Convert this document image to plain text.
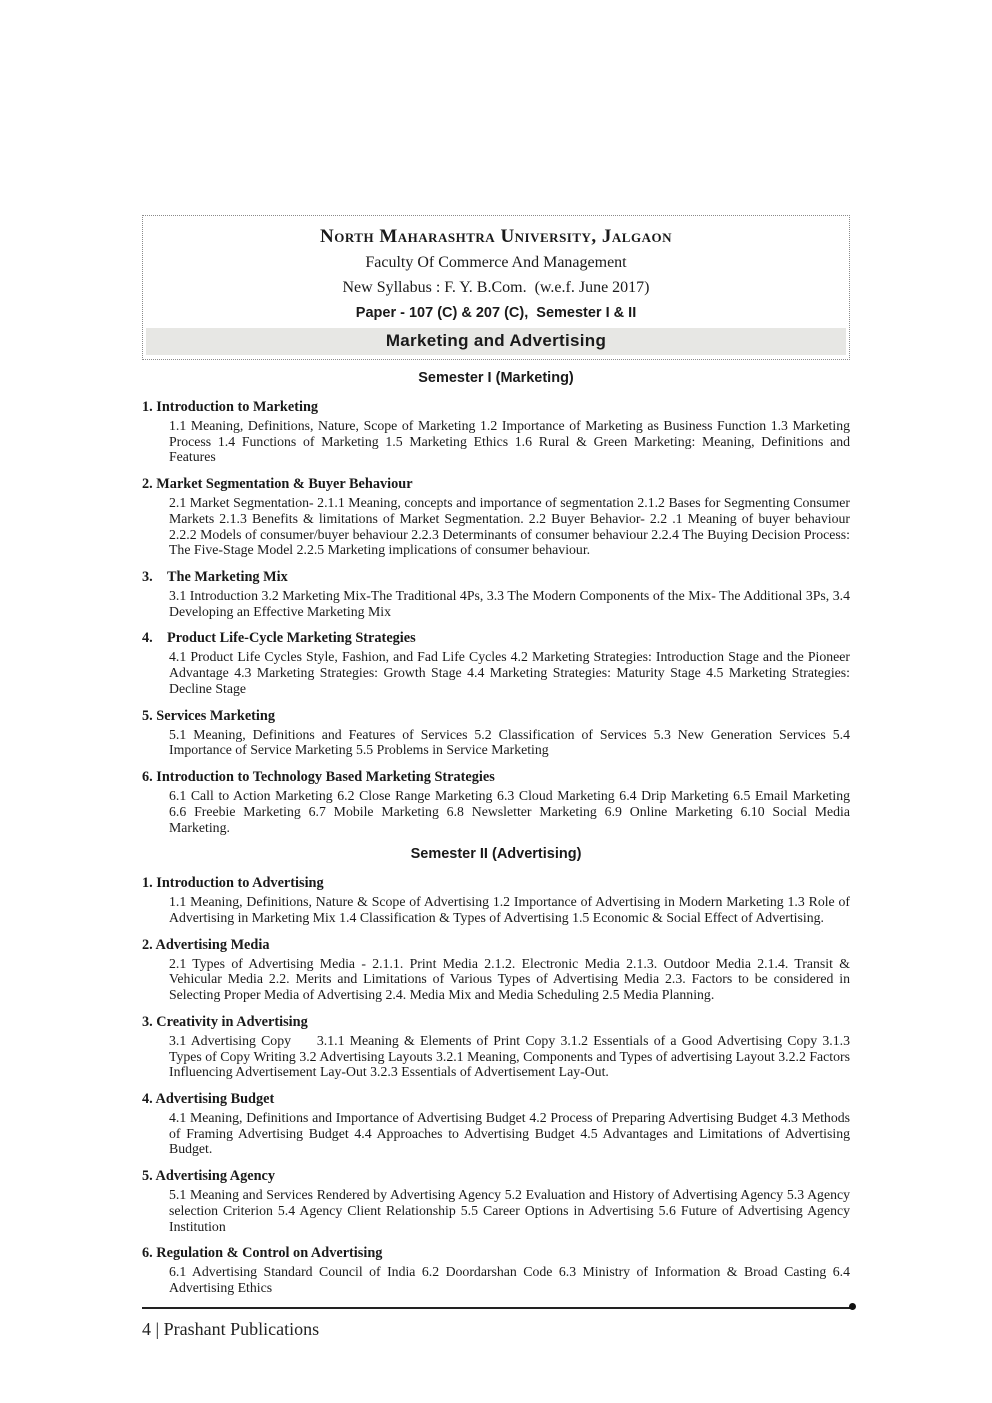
North Maharashtra University, Jalgaon
Faculty Of Commerce And Management
New Syllabus : F. Y. B.Com.  (w.e.f. June 2017)
Paper - 107 (C) & 207 (C),  Semester I & II
Marketing and Advertising
Semester I (Marketing)
1. Introduction to Marketing

1.1 Meaning, Definitions, Nature, Scope of Marketing 1.2 Importance of Marketing as Business Function 1.3 Marketing Process 1.4 Functions of Marketing 1.5 Marketing Ethics 1.6 Rural & Green Marketing: Meaning, Definitions and Features

2. Market Segmentation & Buyer Behaviour

2.1 Market Segmentation- 2.1.1 Meaning, concepts and importance of segmentation 2.1.2 Bases for Segmenting Consumer Markets 2.1.3 Benefits & limitations of Market Segmentation. 2.2 Buyer Behavior- 2.2 .1 Meaning of buyer behaviour 2.2.2 Models of consumer/buyer behaviour 2.2.3 Determinants of consumer behaviour 2.2.4 The Buying Decision Process: The Five-Stage Model 2.2.5 Marketing implications of consumer behaviour.

3. The Marketing Mix

3.1 Introduction 3.2 Marketing Mix-The Traditional 4Ps, 3.3 The Modern Components of the Mix- The Additional 3Ps, 3.4 Developing an Effective Marketing Mix

4. Product Life-Cycle Marketing Strategies

4.1 Product Life Cycles Style, Fashion, and Fad Life Cycles 4.2 Marketing Strategies: Introduction Stage and the Pioneer Advantage 4.3 Marketing Strategies: Growth Stage 4.4 Marketing Strategies: Maturity Stage 4.5 Marketing Strategies: Decline Stage

5. Services Marketing

5.1 Meaning, Definitions and Features of Services 5.2 Classification of Services 5.3 New Generation Services 5.4 Importance of Service Marketing 5.5 Problems in Service Marketing

6. Introduction to Technology Based Marketing Strategies

6.1 Call to Action Marketing 6.2 Close Range Marketing 6.3 Cloud Marketing 6.4 Drip Marketing 6.5 Email Marketing 6.6 Freebie Marketing 6.7 Mobile Marketing 6.8 Newsletter Marketing 6.9 Online Marketing 6.10 Social Media Marketing.

Semester II (Advertising)
1. Introduction to Advertising

1.1 Meaning, Definitions, Nature & Scope of Advertising 1.2 Importance of Advertising in Modern Marketing 1.3 Role of Advertising in Marketing Mix 1.4 Classification & Types of Advertising 1.5 Economic & Social Effect of Advertising.

2. Advertising Media

2.1 Types of Advertising Media - 2.1.1. Print Media 2.1.2. Electronic Media 2.1.3. Outdoor Media 2.1.4. Transit & Vehicular Media 2.2. Merits and Limitations of Various Types of Advertising Media 2.3. Factors to be considered in Selecting Proper Media of Advertising 2.4. Media Mix and Media Scheduling 2.5 Media Planning.

3. Creativity in Advertising

3.1 Advertising Copy   3.1.1 Meaning & Elements of Print Copy 3.1.2 Essentials of a Good Advertising Copy 3.1.3 Types of Copy Writing 3.2 Advertising Layouts 3.2.1 Meaning, Components and Types of advertising Layout 3.2.2 Factors Influencing Advertisement Lay-Out 3.2.3 Essentials of Advertisement Lay-Out.

4. Advertising Budget

4.1 Meaning, Definitions and Importance of Advertising Budget 4.2 Process of Preparing Advertising Budget 4.3 Methods of Framing Advertising Budget 4.4 Approaches to Advertising Budget 4.5 Advantages and Limitations of Advertising Budget.

5. Advertising Agency

5.1 Meaning and Services Rendered by Advertising Agency 5.2 Evaluation and History of Advertising Agency 5.3 Agency selection Criterion 5.4 Agency Client Relationship 5.5 Career Options in Advertising 5.6 Future of Advertising Agency Institution

6. Regulation & Control on Advertising

6.1 Advertising Standard Council of India 6.2 Doordarshan Code 6.3 Ministry of Information & Broad Casting 6.4 Advertising Ethics

4 | Prashant Publications
